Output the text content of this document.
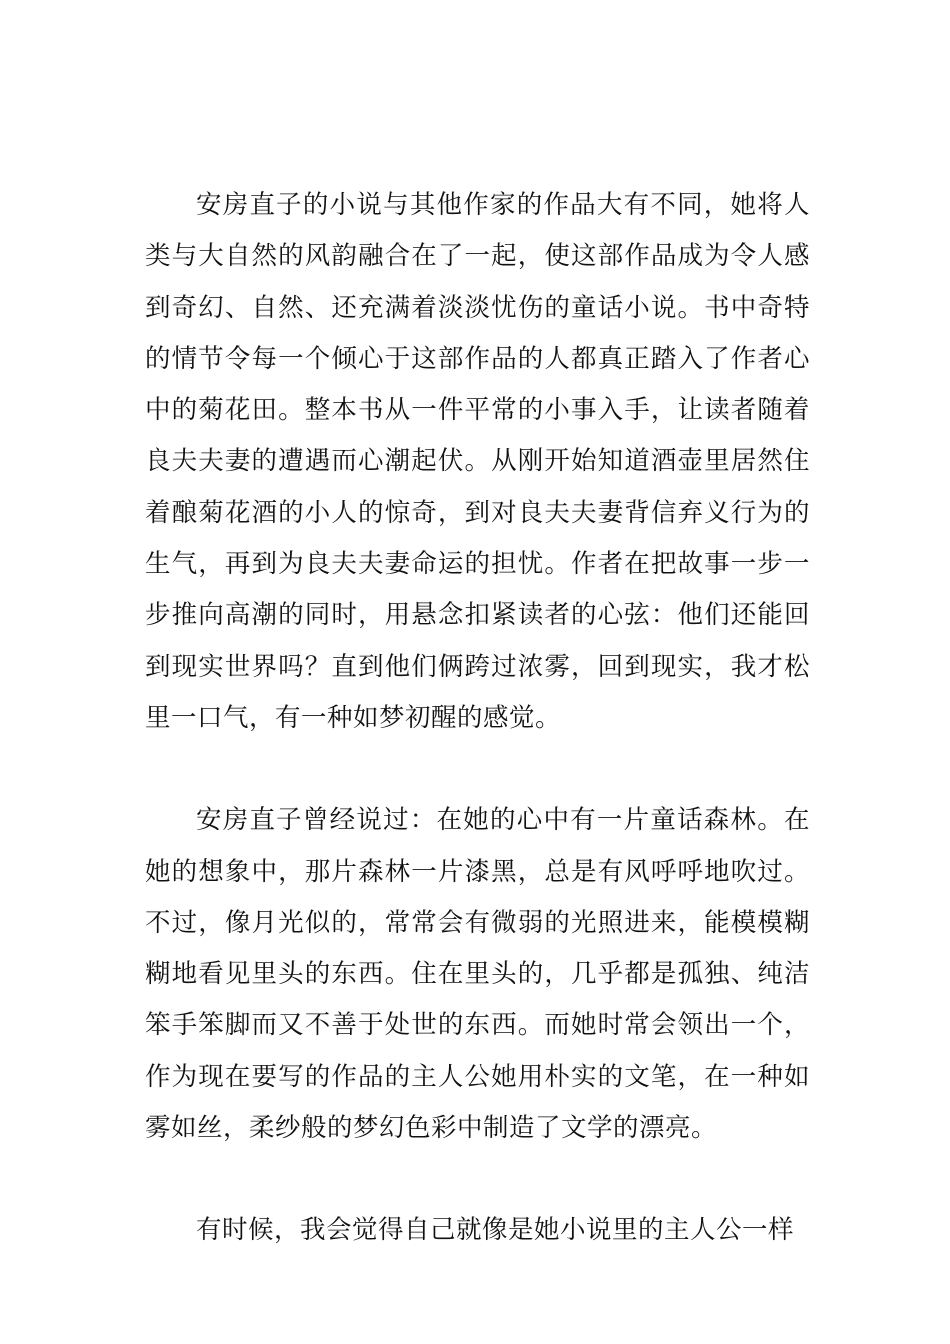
安房直子的小说与其他作家的作品大有不同，她将人类与大自然的风韵融合在了一起，使这部作品成为令人感到奇幻、自然、还充满着淡淡忧伤的童话小说。书中奇特的情节令每一个倾心于这部作品的人都真正踏入了作者心中的菊花田。整本书从一件平常的小事入手，让读者随着良夫夫妻的遭遇而心潮起伏。从刚开始知道酒壶里居然住着酿菊花酒的小人的惊奇，到对良夫夫妻背信弃义行为的生气，再到为良夫夫妻命运的担忧。作者在把故事一步一步推向高潮的同时，用悬念扣紧读者的心弦：他们还能回到现实世界吗？直到他们俩跨过浓雾，回到现实，我才松里一口气，有一种如梦初醒的感觉。

安房直子曾经说过：在她的心中有一片童话森林。在她的想象中，那片森林一片漆黑，总是有风呼呼地吹过。不过，像月光似的，常常会有微弱的光照进来，能模模糊糊地看见里头的东西。住在里头的，几乎都是孤独、纯洁笨手笨脚而又不善于处世的东西。而她时常会领出一个，作为现在要写的作品的主人公她用朴实的文笔，在一种如雾如丝，柔纱般的梦幻色彩中制造了文学的漂亮。

有时候，我会觉得自己就像是她小说里的主人公一样
